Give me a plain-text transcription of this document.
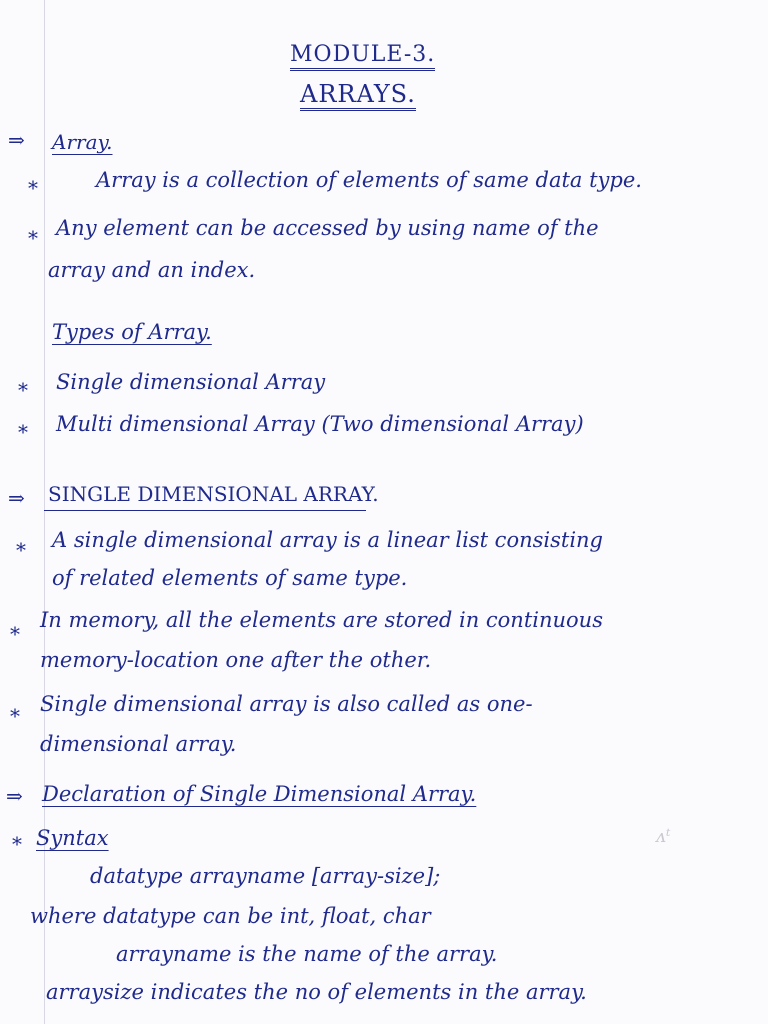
MODULE-3.
ARRAYS.
⇒ Array.
*	Array is a collection of elements of same data type.
* Any element can be accessed by using name of the
array and an index.
Types of Array.
* Single dimensional Array
* Multi dimensional Array (Two dimensional Array)
⇒ SINGLE DIMENSIONAL ARRAY.
* A single dimensional array is a linear list consisting
of related elements of same type.
*
In memory, all the elements are stored in continuous
memory-location one after the other.
* Single dimensional array is also called as one-
dimensional array.
⇒ Declaration of Single Dimensional Array.
* Syntax	ᴧᵗ
datatype arrayname [array-size];
where datatype can be int, float, char
arrayname is the name of the array.
arraysize indicates the no of elements in the array.
